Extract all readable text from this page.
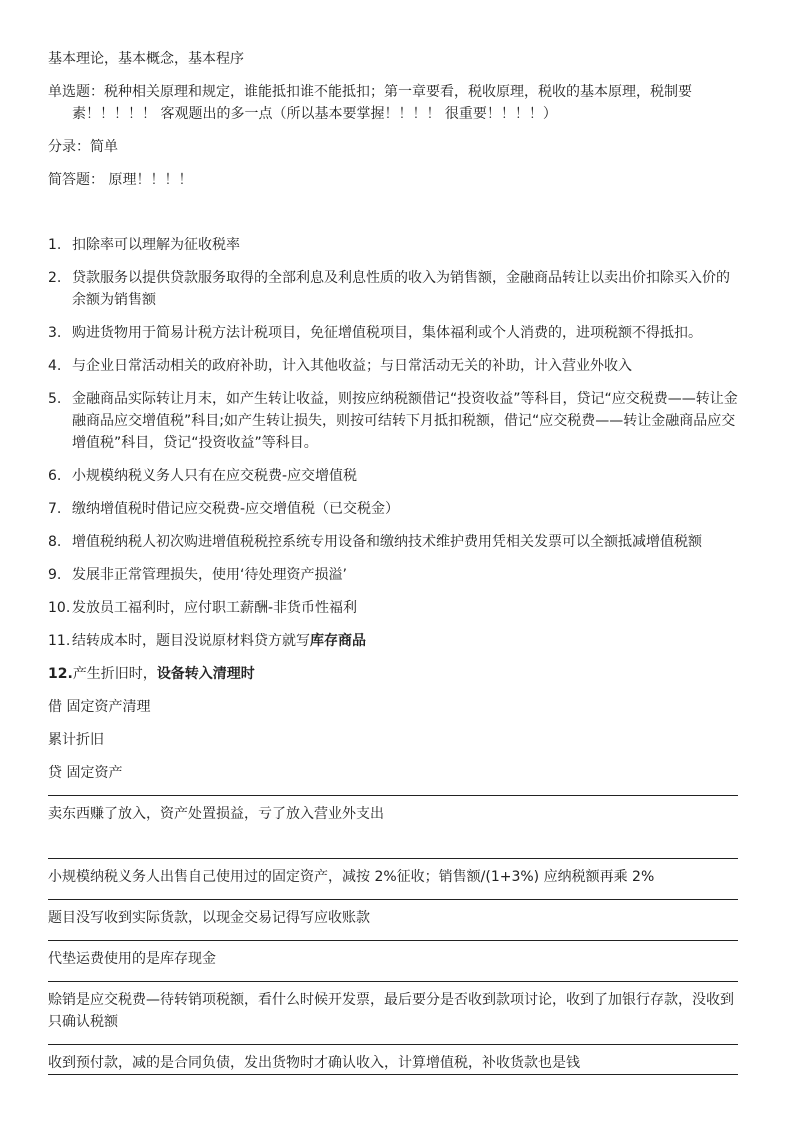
基本理论，基本概念，基本程序

单选题：税种相关原理和规定，谁能抵扣谁不能抵扣；第一章要看，税收原理，税收的基本原理，税制要素！！！！！ 客观题出的多一点（所以基本要掌握！！！！ 很重要！！！！）

分录：简单

简答题： 原理！！！！

1. 扣除率可以理解为征收税率
2. 贷款服务以提供贷款服务取得的全部利息及利息性质的收入为销售额，金融商品转让以卖出价扣除买入价的余额为销售额
3. 购进货物用于简易计税方法计税项目，免征增值税项目，集体福利或个人消费的，进项税额不得抵扣。
4. 与企业日常活动相关的政府补助，计入其他收益；与日常活动无关的补助，计入营业外收入
5. 金融商品实际转让月末，如产生转让收益，则按应纳税额借记“投资收益”等科目，贷记“应交税费——转让金融商品应交增值税”科目;如产生转让损失，则按可结转下月抵扣税额，借记“应交税费——转让金融商品应交增值税”科目，贷记“投资收益”等科目。
6. 小规模纳税义务人只有在应交税费-应交增值税
7. 缴纳增值税时借记应交税费-应交增值税（已交税金）
8. 增值税纳税人初次购进增值税税控系统专用设备和缴纳技术维护费用凭相关发票可以全额抵减增值税额
9. 发展非正常管理损失，使用‘待处理资产损溢’
10. 发放员工福利时，应付职工薪酬-非货币性福利
11. 结转成本时，题目没说原材料贷方就写库存商品
12. 产生折旧时，设备转入清理时

借 固定资产清理

累计折旧

贷 固定资产

卖东西赚了放入，资产处置损益，亏了放入营业外支出
小规模纳税义务人出售自己使用过的固定资产，减按 2%征收；销售额/(1+3%) 应纳税额再乘 2%
题目没写收到实际货款，以现金交易记得写应收账款
代垫运费使用的是库存现金
赊销是应交税费—待转销项税额，看什么时候开发票，最后要分是否收到款项讨论，收到了加银行存款，没收到只确认税额
收到预付款，减的是合同负债，发出货物时才确认收入，计算增值税，补收货款也是钱
